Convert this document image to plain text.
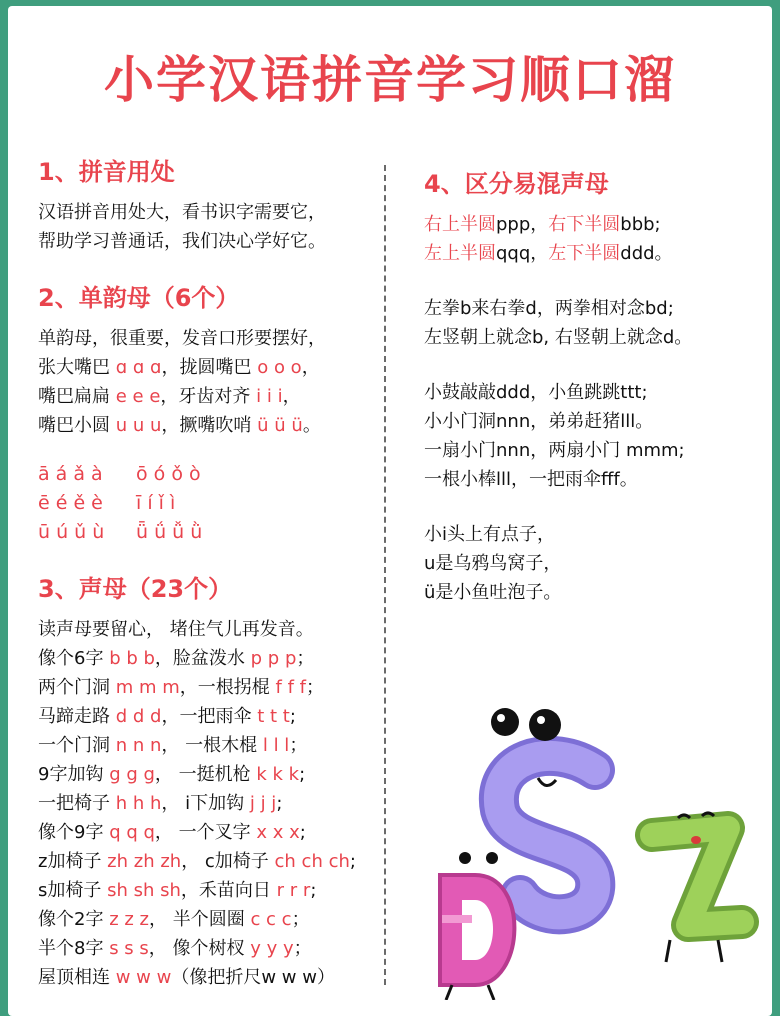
小学汉语拼音学习顺口溜
1、拼音用处
汉语拼音用处大，看书识字需要它，
帮助学习普通话，我们决心学好它。
2、单韵母（6个）
单韵母，很重要，发音口形要摆好，
张大嘴巴 ɑ ɑ ɑ，拢圆嘴巴 o o o，
嘴巴扁扁 e e e，牙齿对齐 i i i，
嘴巴小圆 u u u，撅嘴吹哨 ü ü ü。
ā á ǎ à ō ó ǒ ò
ē é ě è ī í ǐ ì
ū ú ǔ ù ǖ ǘ ǚ ǜ
3、声母（23个）
读声母要留心， 堵住气儿再发音。
像个6字 b b b，脸盆泼水 p p p；
两个门洞 m m m，一根拐棍 f f f；
马蹄走路 d d d，一把雨伞 t t t;
一个门洞 n n n， 一根木棍 l l l；
9字加钩 g g g， 一挺机枪 k k k;
一把椅子 h h h， i下加钩 j j j;
像个9字 q q q， 一个叉字 x x x;
z加椅子 zh zh zh， c加椅子 ch ch ch;
s加椅子 sh sh sh，禾苗向日 r r r;
像个2字 z z z， 半个圆圈 c c c；
半个8字 s s s， 像个树杈 y y y；
屋顶相连 w w w（像把折尺w w w）
4、区分易混声母
右上半圆ppp，右下半圆bbb;
左上半圆qqq，左下半圆ddd。
左拳b来右拳d，两拳相对念bd;
左竖朝上就念b, 右竖朝上就念d。
小鼓敲敲ddd，小鱼跳跳ttt;
小小门洞nnn，弟弟赶猪lll。
一扇小门nnn，两扇小门 mmm;
一根小棒lll，一把雨伞fff。
小i头上有点子，
u是乌鸦鸟窝子，
ü是小鱼吐泡子。
